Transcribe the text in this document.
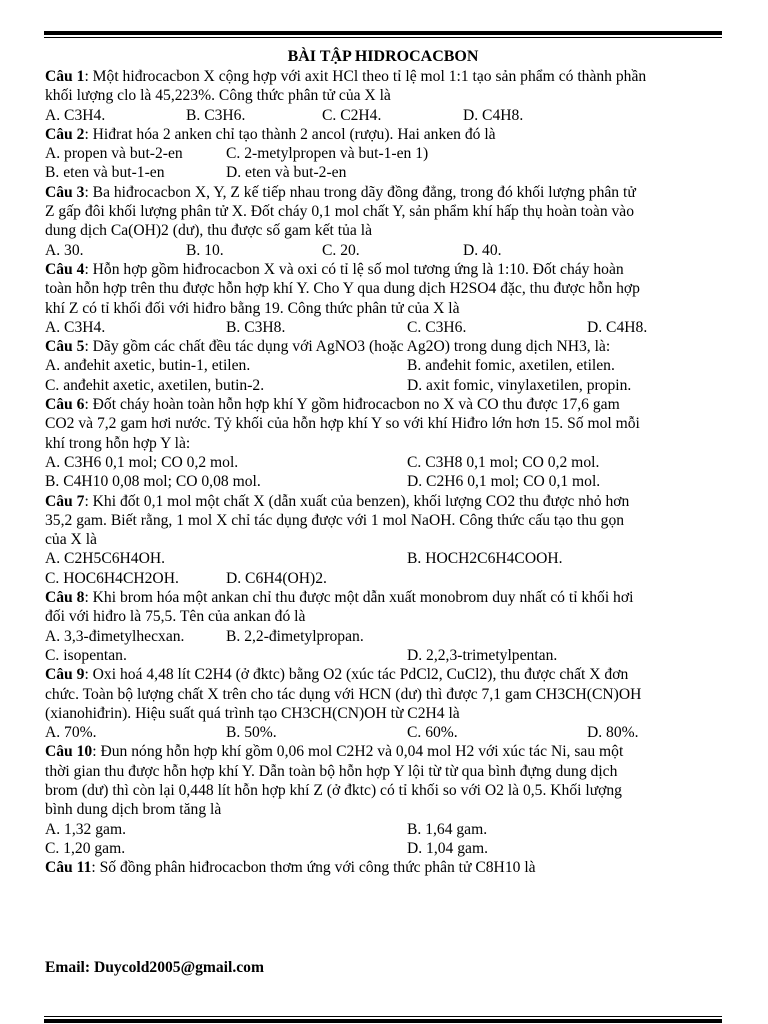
BÀI TẬP HIDROCACBON
Câu 1: Một hiđrocacbon X cộng hợp với axit HCl theo tỉ lệ mol 1:1 tạo sản phẩm có thành phần
khối lượng clo là 45,223%. Công thức phân tử của X là
A. C3H4.	B. C3H6.	C. C2H4.	D. C4H8.
Câu 2: Hiđrat hóa 2 anken chỉ tạo thành 2 ancol (rượu). Hai anken đó là
A. propen và but-2-en	C. 2-metylpropen và but-1-en 1)
B. eten và but-1-en	D. eten và but-2-en
Câu 3: Ba hiđrocacbon X, Y, Z kế tiếp nhau trong dãy đồng đẳng, trong đó khối lượng phân tử
Z gấp đôi khối lượng phân tử X. Đốt cháy 0,1 mol chất Y, sản phẩm khí hấp thụ hoàn toàn vào
dung dịch Ca(OH)2 (dư), thu được số gam kết tủa là
A. 30.	B. 10.	C. 20.	D. 40.
Câu 4: Hỗn hợp gồm hiđrocacbon X và oxi có tỉ lệ số mol tương ứng là 1:10. Đốt cháy hoàn
toàn hỗn hợp trên thu được hỗn hợp khí Y. Cho Y qua dung dịch H2SO4 đặc, thu được hỗn hợp
khí Z có tỉ khối đối với hiđro bằng 19. Công thức phân tử của X là
A. C3H4.	B. C3H8.	C. C3H6.	D. C4H8.
Câu 5: Dãy gồm các chất đều tác dụng với AgNO3 (hoặc Ag2O) trong dung dịch NH3, là:
A. anđehit axetic, butin-1, etilen.	B. anđehit fomic, axetilen, etilen.
C. anđehit axetic, axetilen, butin-2.	D. axit fomic, vinylaxetilen, propin.
Câu 6: Đốt cháy hoàn toàn hỗn hợp khí Y gồm hiđrocacbon no X và CO thu được 17,6 gam
CO2 và 7,2 gam hơi nước. Tỷ khối của hỗn hợp khí Y so với khí Hiđro lớn hơn 15. Số mol mỗi
khí trong hỗn hợp Y là:
A. C3H6 0,1 mol; CO 0,2 mol.	C. C3H8 0,1 mol; CO 0,2 mol.
B. C4H10 0,08 mol; CO 0,08 mol.	D. C2H6 0,1 mol; CO 0,1 mol.
Câu 7: Khi đốt 0,1 mol một chất X (dẫn xuất của benzen), khối lượng CO2 thu được nhỏ hơn
35,2 gam. Biết rằng, 1 mol X chỉ tác dụng được với 1 mol NaOH. Công thức cấu tạo thu gọn
của X là
A. C2H5C6H4OH.	B. HOCH2C6H4COOH.
C. HOC6H4CH2OH.	D. C6H4(OH)2.
Câu 8: Khi brom hóa một ankan chỉ thu được một dẫn xuất monobrom duy nhất có tỉ khối hơi
đối với hiđro là 75,5. Tên của ankan đó là
A. 3,3-đimetylhecxan.	B. 2,2-đimetylpropan.
C. isopentan.	D. 2,2,3-trimetylpentan.
Câu 9: Oxi hoá 4,48 lít C2H4 (ở đktc) bằng O2 (xúc tác PdCl2, CuCl2), thu được chất X đơn
chức. Toàn bộ lượng chất X trên cho tác dụng với HCN (dư) thì được 7,1 gam CH3CH(CN)OH
(xianohiđrin). Hiệu suất quá trình tạo CH3CH(CN)OH từ C2H4 là
A. 70%.	B. 50%.	C. 60%.	D. 80%.
Câu 10: Đun nóng hỗn hợp khí gồm 0,06 mol C2H2 và 0,04 mol H2 với xúc tác Ni, sau một
thời gian thu được hỗn hợp khí Y. Dẫn toàn bộ hỗn hợp Y lội từ từ qua bình đựng dung dịch
brom (dư) thì còn lại 0,448 lít hỗn hợp khí Z (ở đktc) có tỉ khối so với O2 là 0,5. Khối lượng
bình dung dịch brom tăng là
A. 1,32 gam.	B. 1,64 gam.
C. 1,20 gam.	D. 1,04 gam.
Câu 11: Số đồng phân hiđrocacbon thơm ứng với công thức phân tử C8H10 là
Email: Duycold2005@gmail.com
